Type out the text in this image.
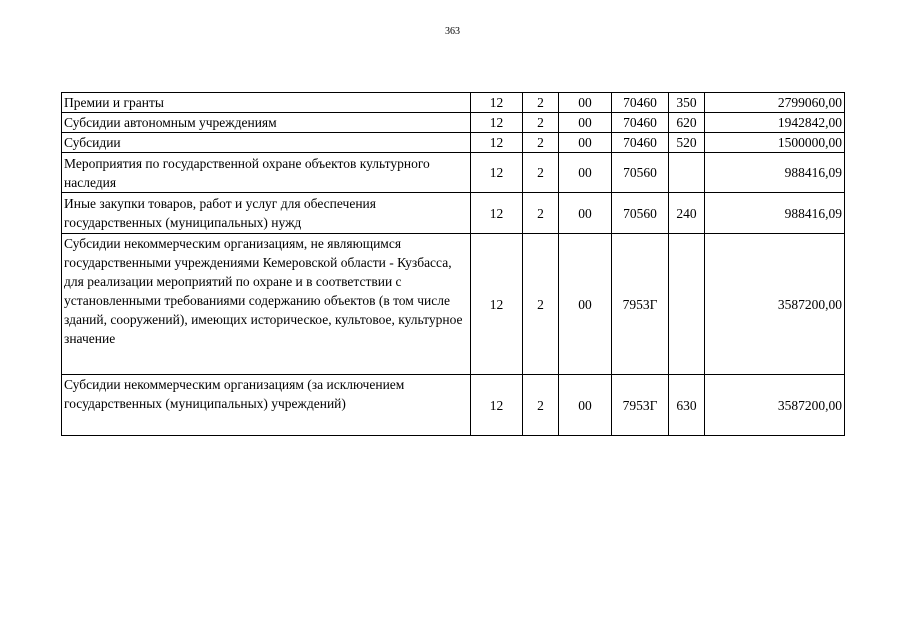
363
Премии и гранты	12	2	00	70460	350	2799060,00
Субсидии автономным учреждениям	12	2	00	70460	620	1942842,00
Субсидии	12	2	00	70460	520	1500000,00
Мероприятия по государственной охране объектов культурного наследия	12	2	00	70560		988416,09
Иные закупки товаров, работ и услуг для обеспечения государственных (муниципальных) нужд	12	2	00	70560	240	988416,09
Субсидии некоммерческим организациям, не являющимся государственными учреждениями Кемеровской области - Кузбасса, для реализации мероприятий по охране и в соответствии с установленными требованиями содержанию объектов (в том числе зданий, сооружений), имеющих историческое, культовое, культурное значение	12	2	00	7953Г		3587200,00
Субсидии некоммерческим организациям (за исключением государственных (муниципальных) учреждений)	12	2	00	7953Г	630	3587200,00
